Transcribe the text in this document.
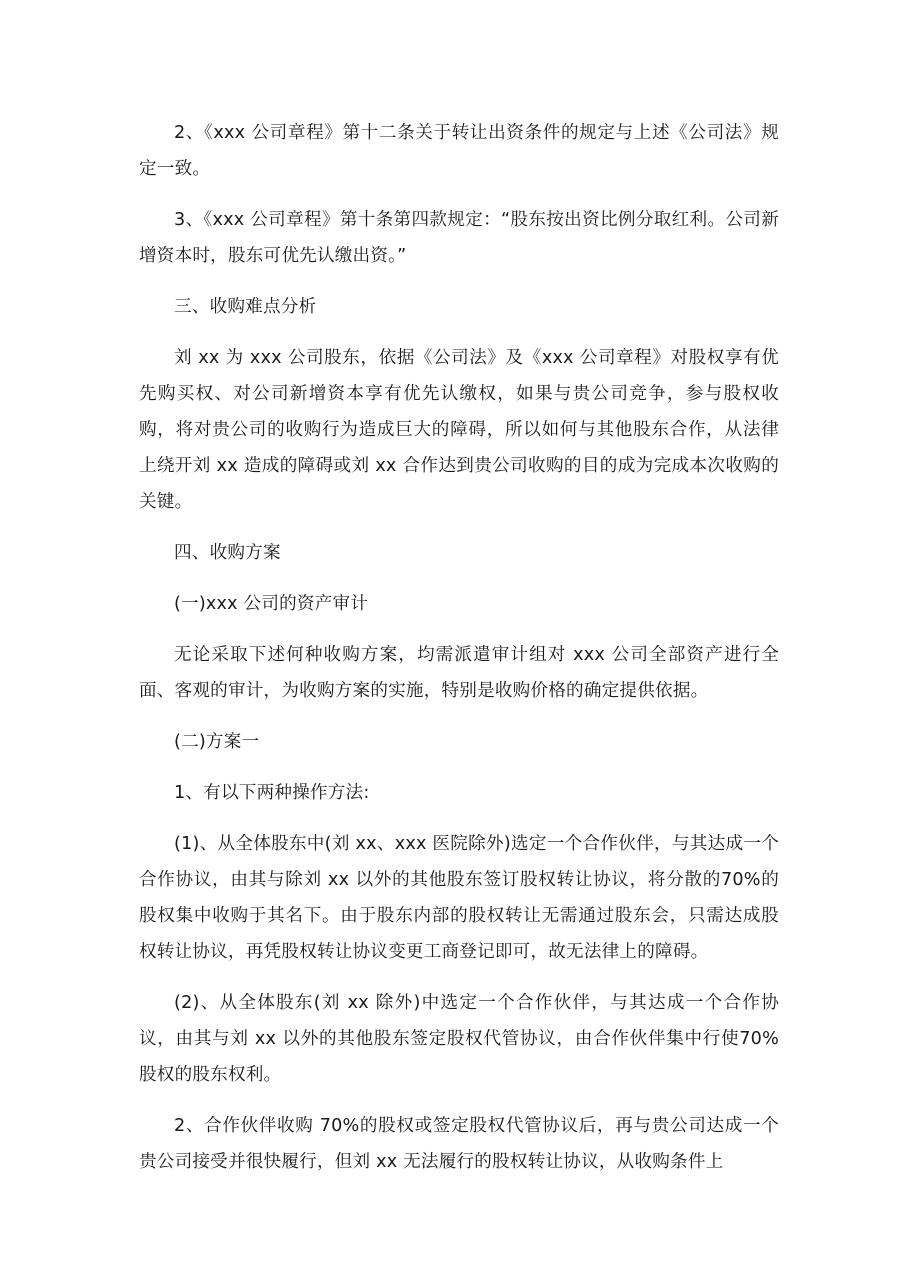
2、《xxx 公司章程》第十二条关于转让出资条件的规定与上述《公司法》规定一致。

3、《xxx 公司章程》第十条第四款规定：“股东按出资比例分取红利。公司新增资本时，股东可优先认缴出资。”

三、收购难点分析

刘 xx 为 xxx 公司股东，依据《公司法》及《xxx 公司章程》对股权享有优先购买权、对公司新增资本享有优先认缴权，如果与贵公司竞争，参与股权收购，将对贵公司的收购行为造成巨大的障碍，所以如何与其他股东合作，从法律上绕开刘 xx 造成的障碍或刘 xx 合作达到贵公司收购的目的成为完成本次收购的关键。

四、收购方案

(一)xxx 公司的资产审计

无论采取下述何种收购方案，均需派遣审计组对 xxx 公司全部资产进行全面、客观的审计，为收购方案的实施，特别是收购价格的确定提供依据。

(二)方案一

1、有以下两种操作方法:

(1)、从全体股东中(刘 xx、xxx 医院除外)选定一个合作伙伴，与其达成一个合作协议，由其与除刘 xx 以外的其他股东签订股权转让协议，将分散的70%的股权集中收购于其名下。由于股东内部的股权转让无需通过股东会，只需达成股权转让协议，再凭股权转让协议变更工商登记即可，故无法律上的障碍。

(2)、从全体股东(刘 xx 除外)中选定一个合作伙伴，与其达成一个合作协议，由其与刘 xx 以外的其他股东签定股权代管协议，由合作伙伴集中行使70%股权的股东权利。

2、合作伙伴收购 70%的股权或签定股权代管协议后，再与贵公司达成一个贵公司接受并很快履行，但刘 xx 无法履行的股权转让协议，从收购条件上
